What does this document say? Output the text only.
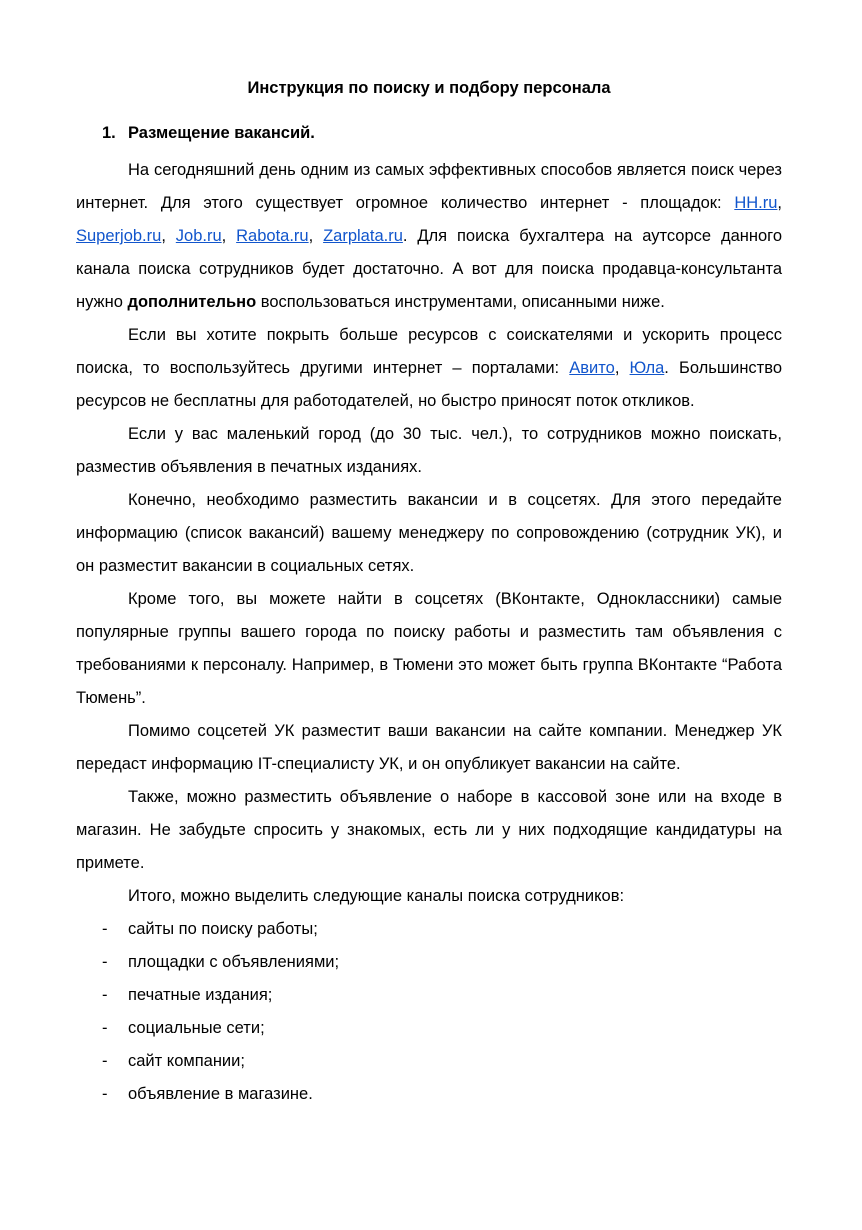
Инструкция по поиску и подбору персонала
1. Размещение вакансий.

На сегодняшний день одним из самых эффективных способов является поиск через интернет. Для этого существует огромное количество интернет - площадок: HH.ru, Superjob.ru, Job.ru, Rabota.ru, Zarplata.ru. Для поиска бухгалтера на аутсорсе данного канала поиска сотрудников будет достаточно. А вот для поиска продавца-консультанта нужно дополнительно воспользоваться инструментами, описанными ниже.

Если вы хотите покрыть больше ресурсов с соискателями и ускорить процесс поиска, то воспользуйтесь другими интернет – порталами: Авито, Юла. Большинство ресурсов не бесплатны для работодателей, но быстро приносят поток откликов.

Если у вас маленький город (до 30 тыс. чел.), то сотрудников можно поискать, разместив объявления в печатных изданиях.

Конечно, необходимо разместить вакансии и в соцсетях. Для этого передайте информацию (список вакансий) вашему менеджеру по сопровождению (сотрудник УК), и он разместит вакансии в социальных сетях.

Кроме того, вы можете найти в соцсетях (ВКонтакте, Одноклассники) самые популярные группы вашего города по поиску работы и разместить там объявления с требованиями к персоналу. Например, в Тюмени это может быть группа ВКонтакте “Работа Тюмень”.

Помимо соцсетей УК разместит ваши вакансии на сайте компании. Менеджер УК передаст информацию IT-специалисту УК, и он опубликует вакансии на сайте.

Также, можно разместить объявление о наборе в кассовой зоне или на входе в магазин. Не забудьте спросить у знакомых, есть ли у них подходящие кандидатуры на примете.

Итого, можно выделить следующие каналы поиска сотрудников:

-	сайты по поиску работы;
-	площадки с объявлениями;
-	печатные издания;
-	социальные сети;
-	сайт компании;
-	объявление в магазине.
